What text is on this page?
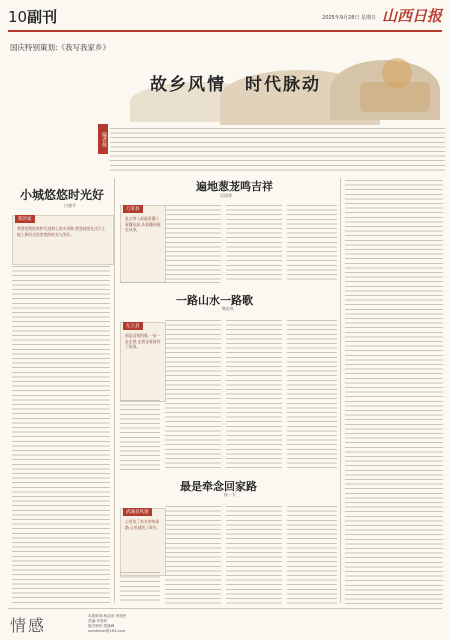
10副刊	2025年9月28日 星期日 山西日报
国庆特别策划:《我写我家乡》
故乡风情　时代脉动
编者按
小城悠悠时光好
白建平
我的家
我要把我的家和写进那么的多风物,我想就把在这片土地上和时光里悠悠的时光与美好。
遍地葱茏鸣吉祥
吴国荣
万荣县
是万荣人最能看懂人看懂从前,从看懂到现在从来。
一路山水一路歌
韩宏旺
左云县
那是喜悦的歌,一步一步走着,走着走着就有了故事。
最是牵念回家路
杭一夫
武城县风貌
心里装了家乡的每条路,心里就装了故乡。
情感	本版策划:杨金萍 李建民
责编:李建民
版式制作:郑晓峰
sxrbfukan@163.com
